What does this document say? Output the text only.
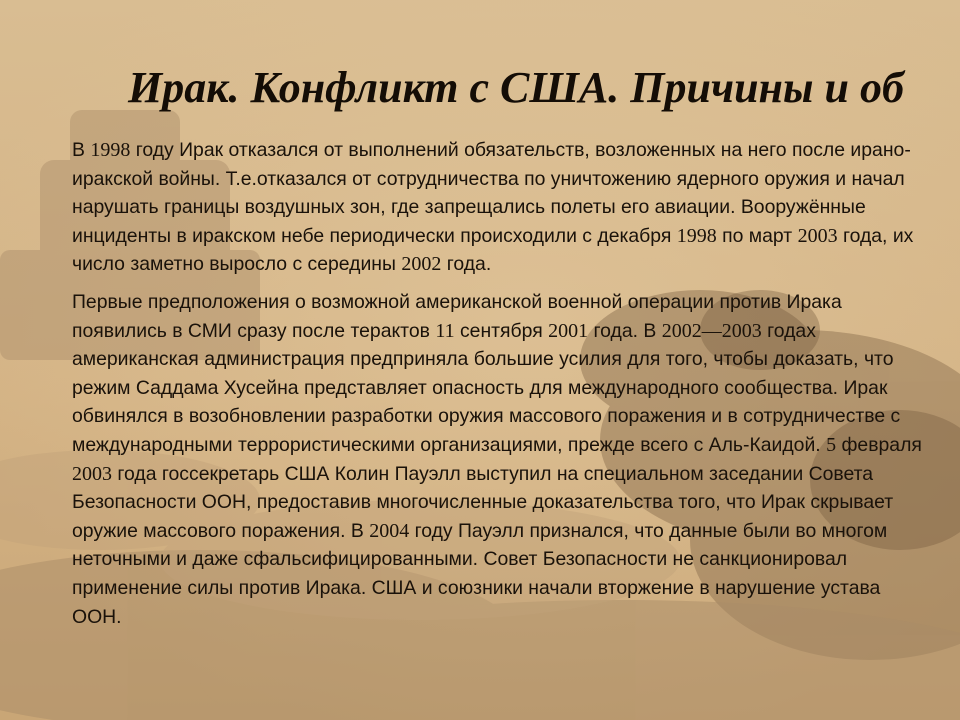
Ирак. Конфликт с США. Причины и об

В 1998 году Ирак отказался от выполнений обязательств, возложенных на него после ирано-иракской войны. Т.е.отказался от сотрудничества по уничтожению ядерного оружия и начал нарушать границы воздушных зон, где запрещались полеты его авиации. Вооружённые инциденты в иракском небе периодически происходили с декабря 1998 по март 2003 года, их число заметно выросло с середины 2002 года.

Первые предположения о возможной американской военной операции против Ирака появились в СМИ сразу после терактов 11 сентября 2001 года. В 2002—2003 годах американская администрация предприняла большие усилия для того, чтобы доказать, что режим Саддама Хусейна представляет опасность для международного сообщества. Ирак обвинялся в возобновлении разработки оружия массового поражения и в сотрудничестве с международными террористическими организациями, прежде всего с Аль-Каидой. 5 февраля 2003 года госсекретарь США Колин Пауэлл выступил на специальном заседании Совета Безопасности ООН, предоставив многочисленные доказательства того, что Ирак скрывает оружие массового поражения. В 2004 году Пауэлл признался, что данные были во многом неточными и даже сфальсифицированными. Совет Безопасности не санкционировал применение силы против Ирака. США и союзники начали вторжение в нарушение устава ООН.
